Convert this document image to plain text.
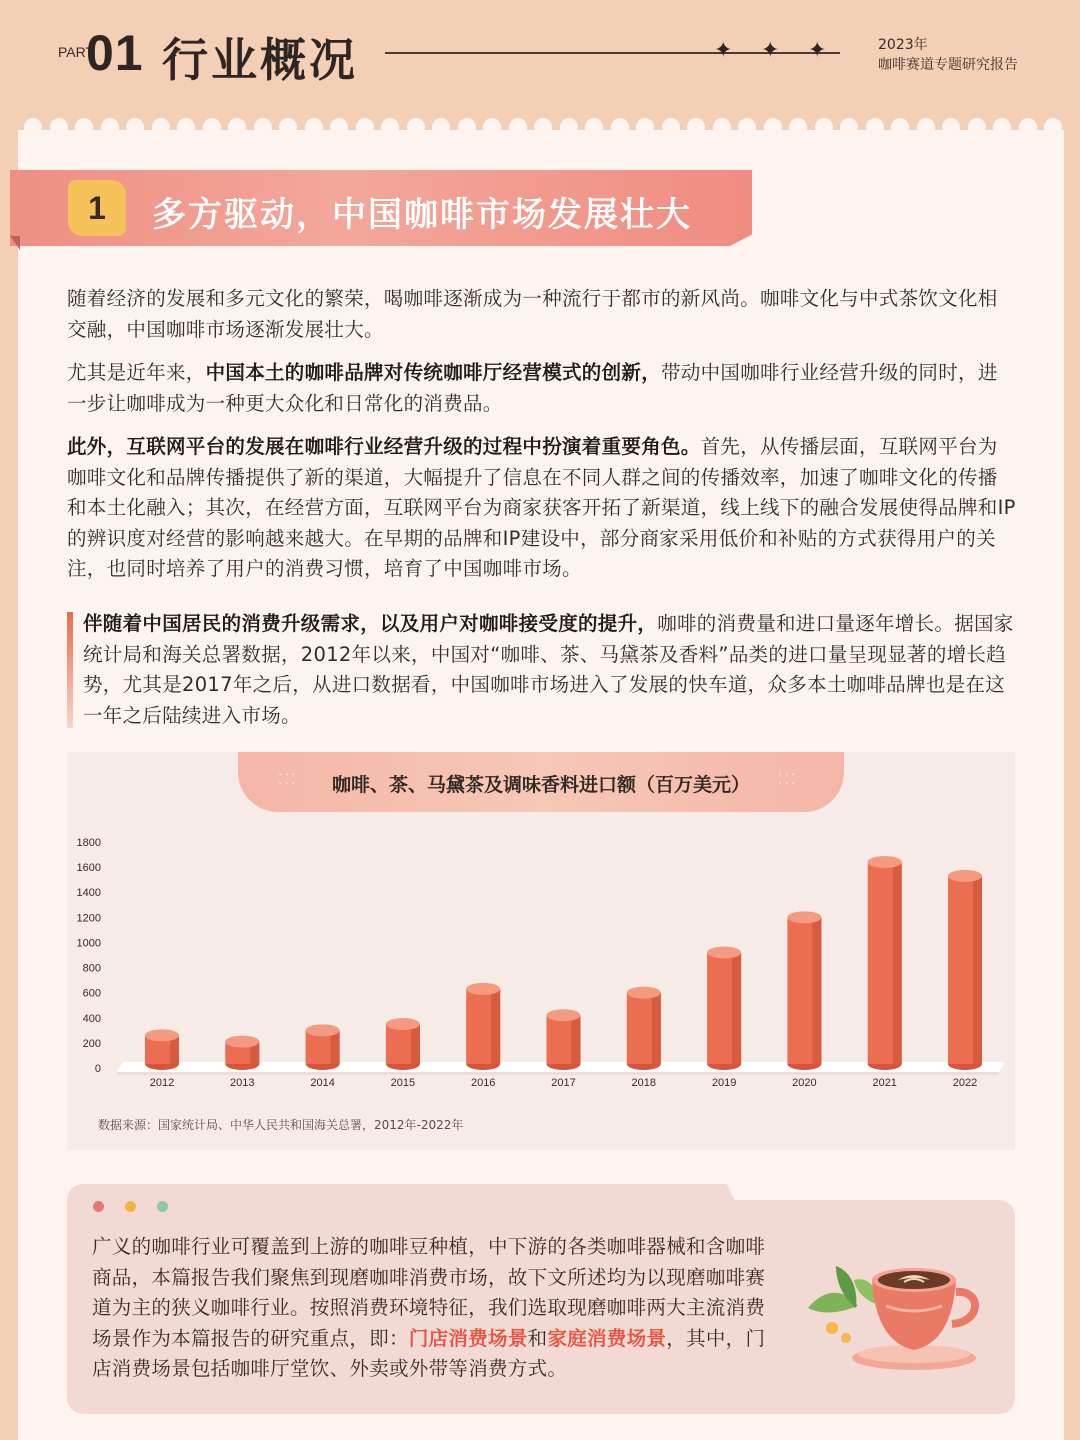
PART
01 行业概况	✦ ✦ ✦	2023年
咖啡赛道专题研究报告
1	多方驱动，中国咖啡市场发展壮大

随着经济的发展和多元文化的繁荣，喝咖啡逐渐成为一种流行于都市的新风尚。咖啡文化与中式茶饮文化相交融，中国咖啡市场逐渐发展壮大。

尤其是近年来，中国本土的咖啡品牌对传统咖啡厅经营模式的创新，带动中国咖啡行业经营升级的同时，进一步让咖啡成为一种更大众化和日常化的消费品。

此外，互联网平台的发展在咖啡行业经营升级的过程中扮演着重要角色。首先，从传播层面，互联网平台为咖啡文化和品牌传播提供了新的渠道，大幅提升了信息在不同人群之间的传播效率，加速了咖啡文化的传播和本土化融入；其次，在经营方面，互联网平台为商家获客开拓了新渠道，线上线下的融合发展使得品牌和IP的辨识度对经营的影响越来越大。在早期的品牌和IP建设中，部分商家采用低价和补贴的方式获得用户的关注，也同时培养了用户的消费习惯，培育了中国咖啡市场。

伴随着中国居民的消费升级需求，以及用户对咖啡接受度的提升，咖啡的消费量和进口量逐年增长。据国家统计局和海关总署数据，2012年以来，中国对“咖啡、茶、马黛茶及香料”品类的进口量呈现显著的增长趋势，尤其是2017年之后，从进口数据看，中国咖啡市场进入了发展的快车道，众多本土咖啡品牌也是在这一年之后陆续进入市场。

⁚⁚⁚	⁚⁚⁚
咖啡、茶、马黛茶及调味香料进口额（百万美元）
0
200
400
600
800
1000
1200
1400
1600
1800
2012	2013	2014	2015	2016	2017	2018	2019	2020	2021	2022
数据来源：国家统计局、中华人民共和国海关总署，2012年-2022年

广义的咖啡行业可覆盖到上游的咖啡豆种植，中下游的各类咖啡器械和含咖啡商品，本篇报告我们聚焦到现磨咖啡消费市场，故下文所述均为以现磨咖啡赛道为主的狭义咖啡行业。按照消费环境特征，我们选取现磨咖啡两大主流消费场景作为本篇报告的研究重点，即：门店消费场景和家庭消费场景，其中，门店消费场景包括咖啡厅堂饮、外卖或外带等消费方式。
